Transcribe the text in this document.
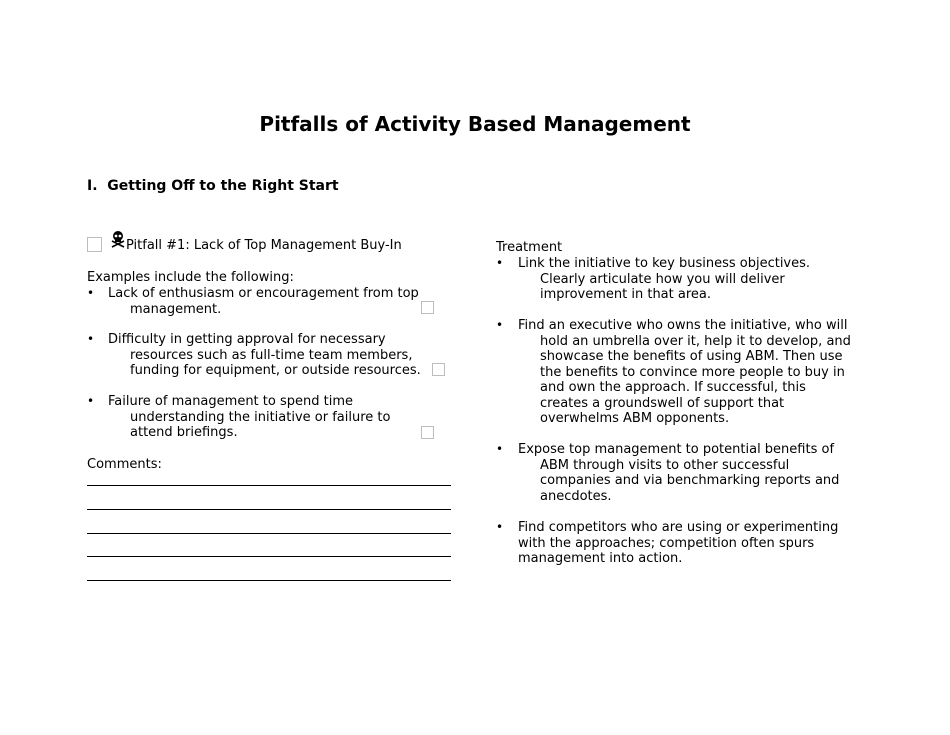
Pitfalls of Activity Based Management
I.  Getting Off to the Right Start
Pitfall #1: Lack of Top Management Buy-In
Examples include the following:
• Lack of enthusiasm or encouragement from top
management.
• Difficulty in getting approval for necessary
resources such as full-time team members,
funding for equipment, or outside resources.
• Failure of management to spend time
understanding the initiative or failure to
attend briefings.
Comments:
Treatment
• Link the initiative to key business objectives.
Clearly articulate how you will deliver
improvement in that area.
• Find an executive who owns the initiative, who will
hold an umbrella over it, help it to develop, and
showcase the benefits of using ABM. Then use
the benefits to convince more people to buy in
and own the approach. If successful, this
creates a groundswell of support that
overwhelms ABM opponents.
• Expose top management to potential benefits of
ABM through visits to other successful
companies and via benchmarking reports and
anecdotes.
• Find competitors who are using or experimenting
with the approaches; competition often spurs
management into action.
